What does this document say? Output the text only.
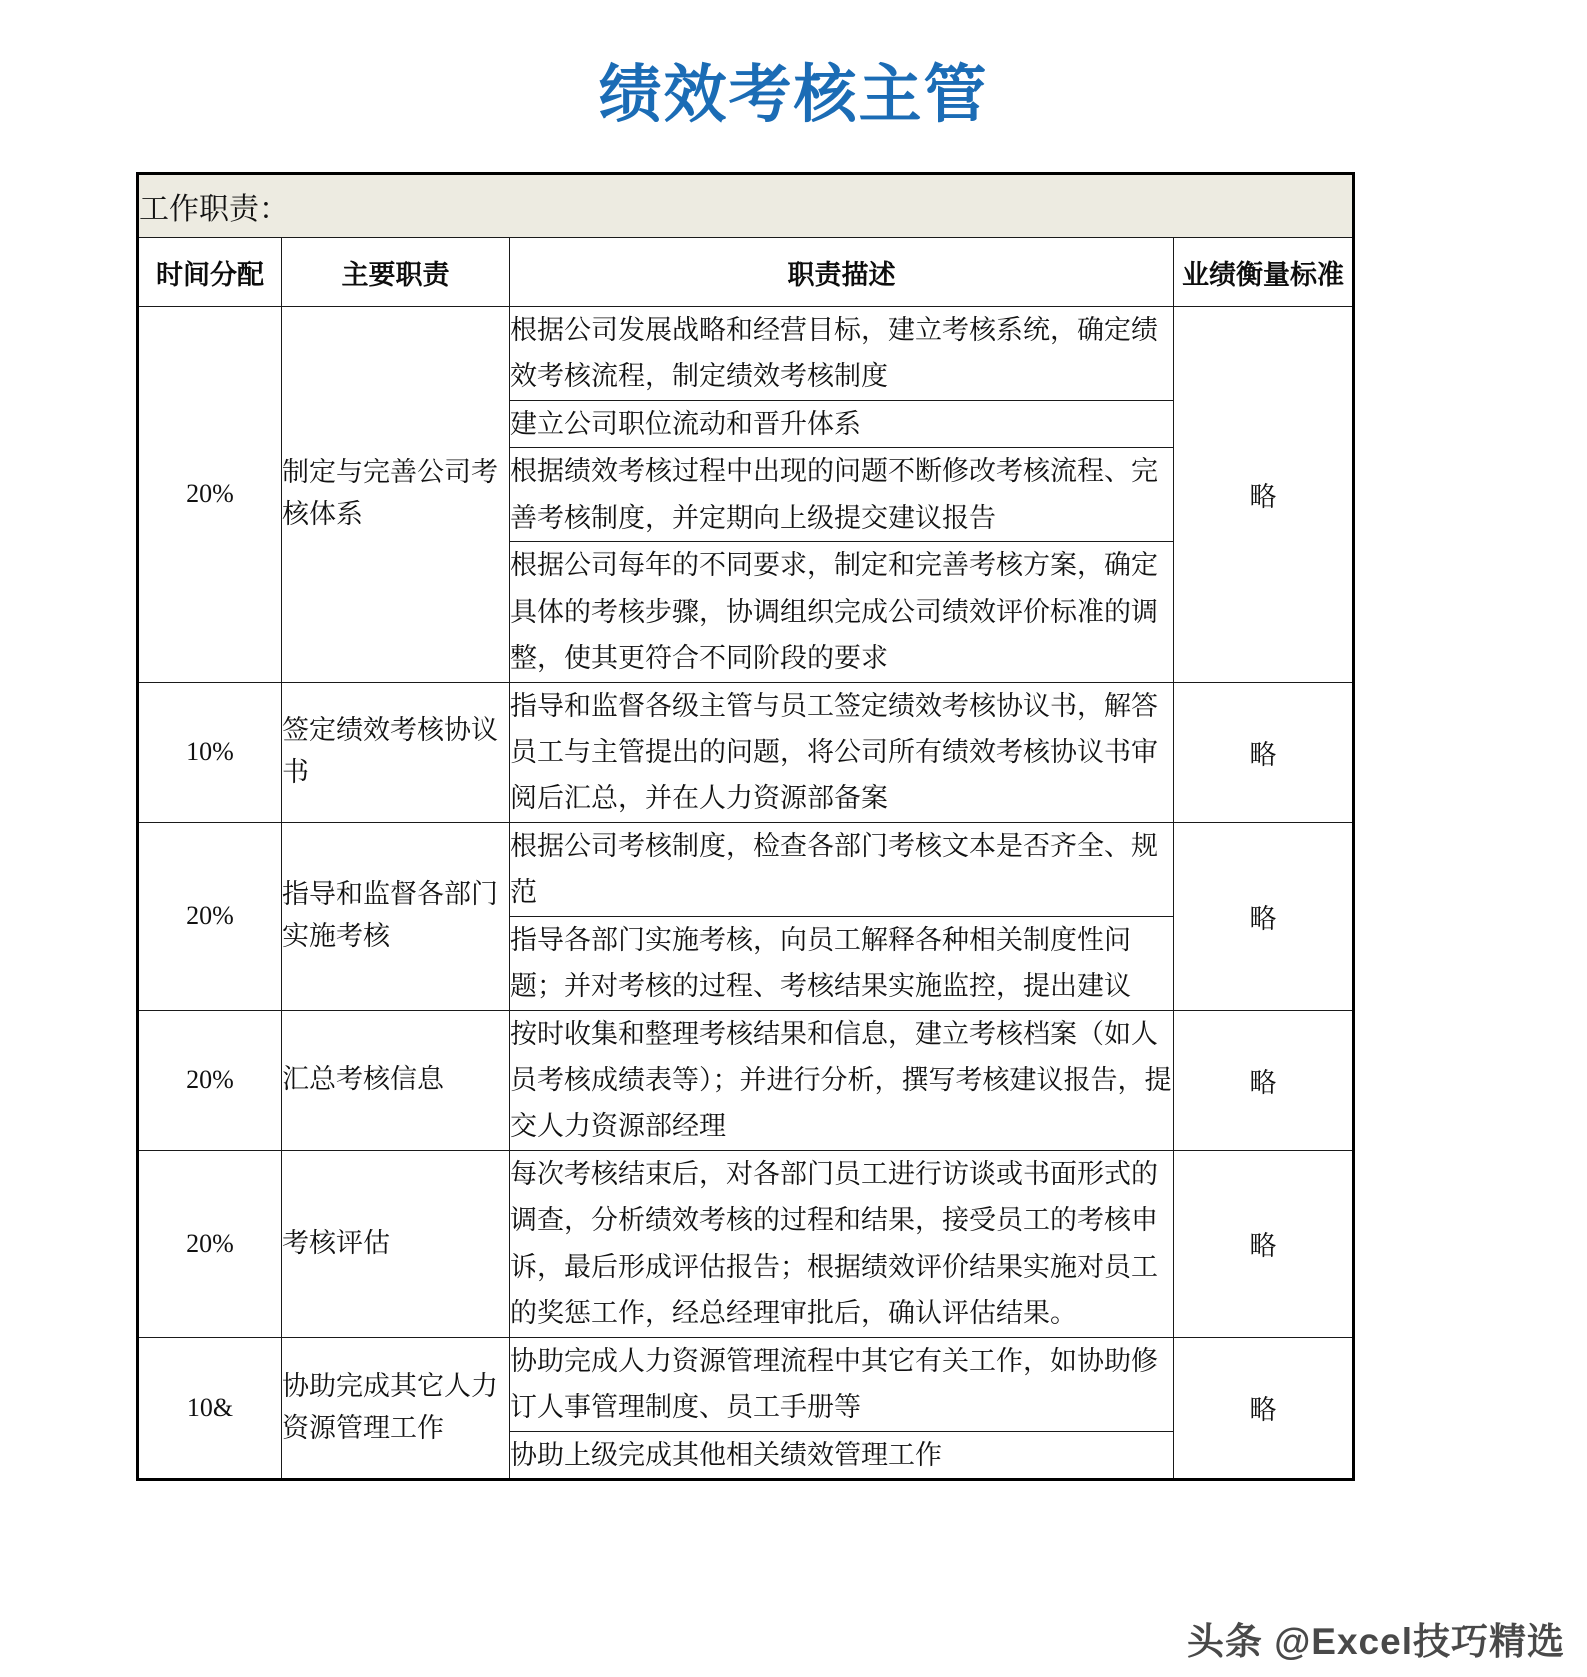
绩效考核主管
工作职责：			
时间分配	主要职责	职责描述	业绩衡量标准
20%	制定与完善公司考核体系	根据公司发展战略和经营目标，建立考核系统，确定绩效考核流程，制定绩效考核制度	略
		建立公司职位流动和晋升体系	
		根据绩效考核过程中出现的问题不断修改考核流程、完善考核制度，并定期向上级提交建议报告	
		根据公司每年的不同要求，制定和完善考核方案，确定具体的考核步骤，协调组织完成公司绩效评价标准的调整，使其更符合不同阶段的要求	
10%	签定绩效考核协议书	指导和监督各级主管与员工签定绩效考核协议书，解答员工与主管提出的问题，将公司所有绩效考核协议书审阅后汇总，并在人力资源部备案	略
20%	指导和监督各部门实施考核	根据公司考核制度，检查各部门考核文本是否齐全、规范	略
		指导各部门实施考核，向员工解释各种相关制度性问题；并对考核的过程、考核结果实施监控，提出建议	
20%	汇总考核信息	按时收集和整理考核结果和信息，建立考核档案（如人员考核成绩表等）；并进行分析，撰写考核建议报告，提交人力资源部经理	略
20%	考核评估	每次考核结束后，对各部门员工进行访谈或书面形式的调查，分析绩效考核的过程和结果，接受员工的考核申诉，最后形成评估报告；根据绩效评价结果实施对员工的奖惩工作，经总经理审批后，确认评估结果。	略
10&	协助完成其它人力资源管理工作	协助完成人力资源管理流程中其它有关工作，如协助修订人事管理制度、员工手册等	略
		协助上级完成其他相关绩效管理工作	
头条 @Excel技巧精选
